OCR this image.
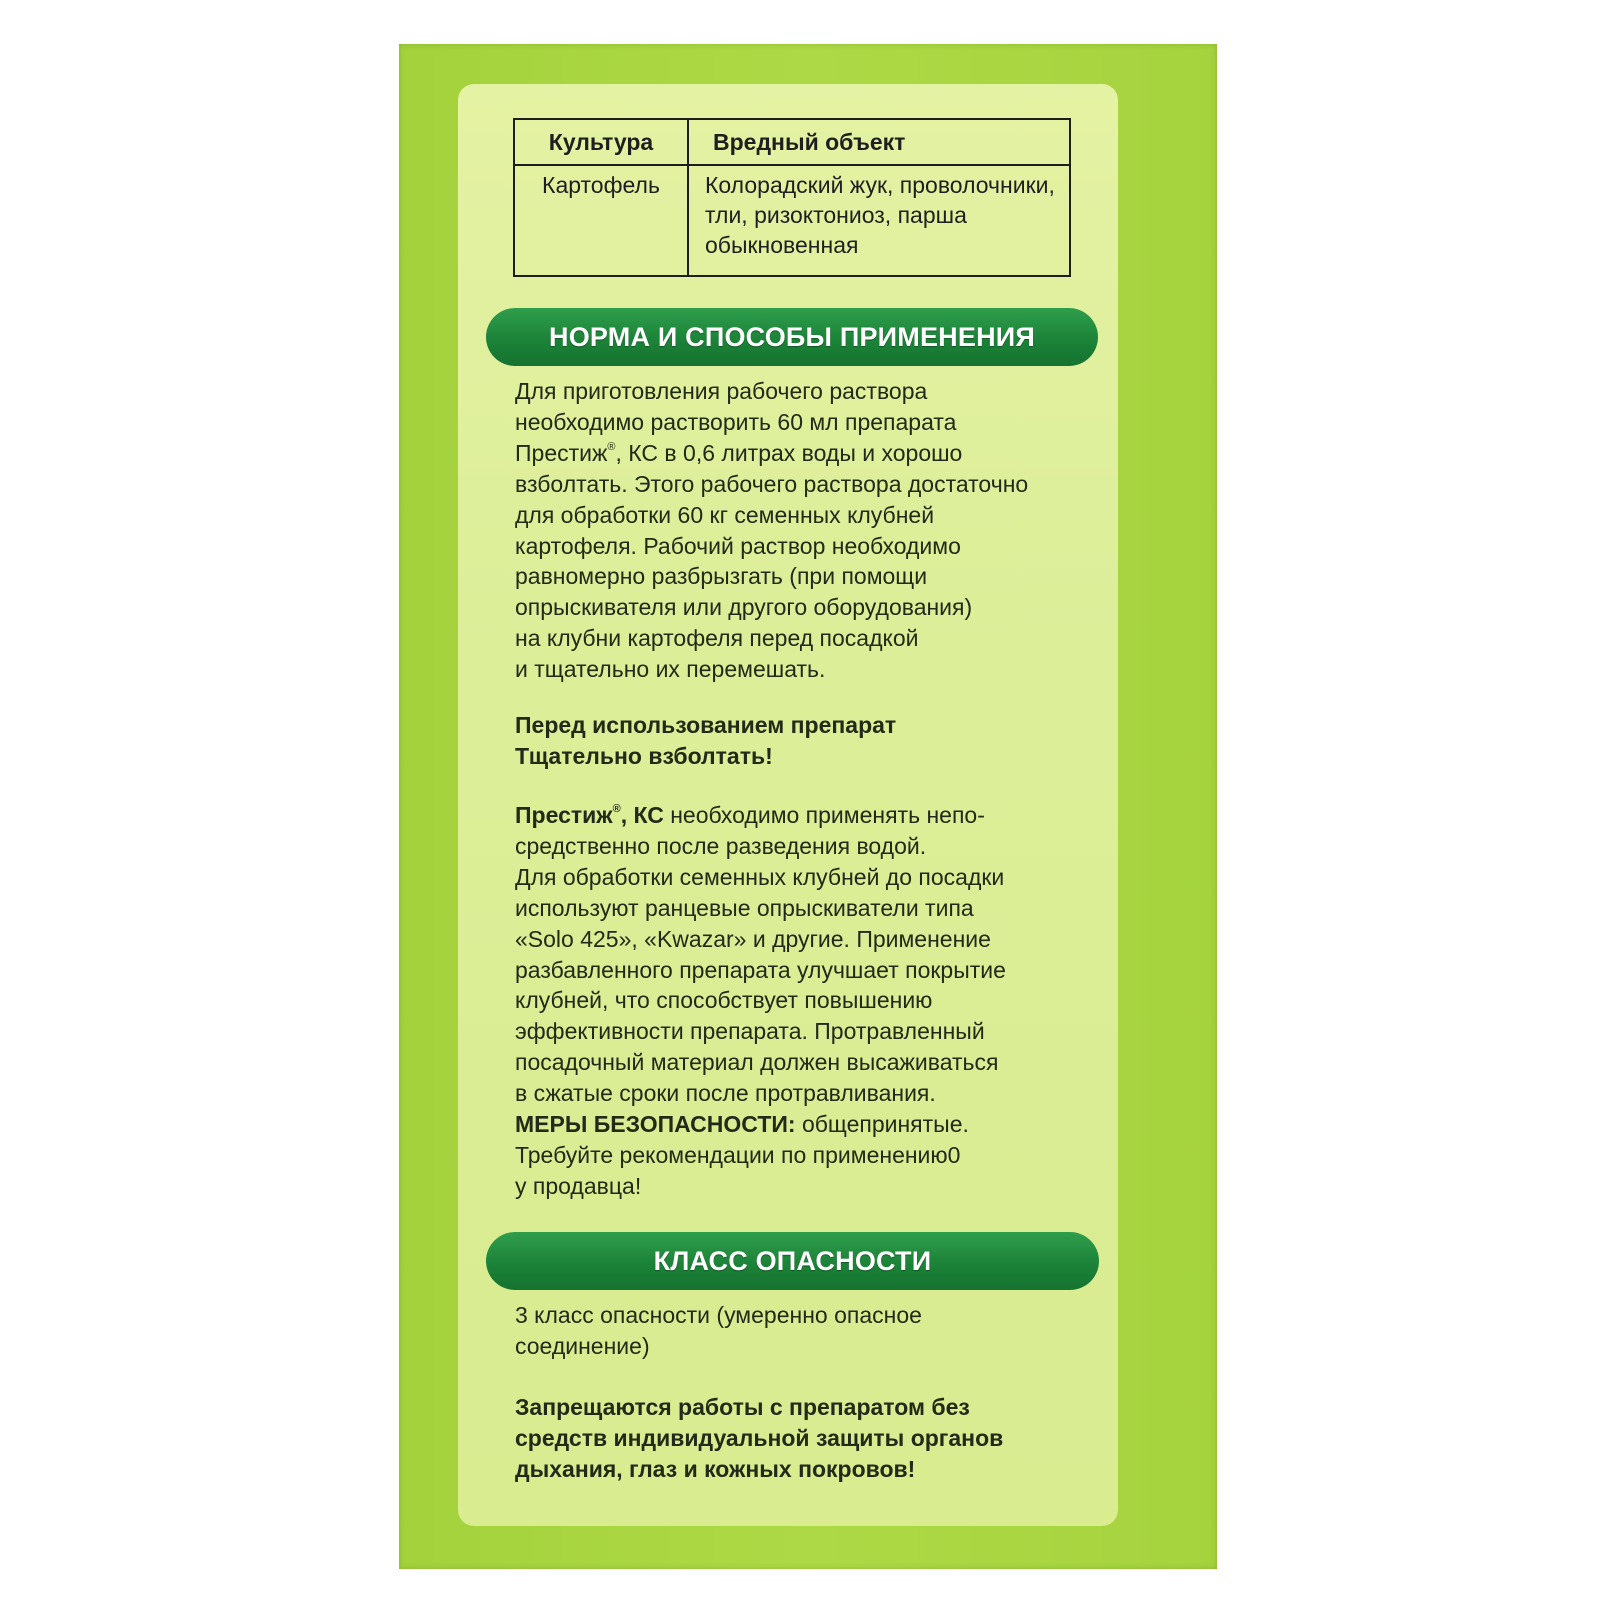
Культура	Вредный объект
Картофель	Колорадский жук, проволочники,
тли, ризоктониоз, парша
обыкновенная
НОРМА И СПОСОБЫ ПРИМЕНЕНИЯ
Для приготовления рабочего раствора
необходимо растворить 60 мл препарата
Престиж®, КС в 0,6 литрах воды и хорошо
взболтать. Этого рабочего раствора достаточно
для обработки 60 кг семенных клубней
картофеля. Рабочий раствор необходимо
равномерно разбрызгать (при помощи
опрыскивателя или другого оборудования)
на клубни картофеля перед посадкой
и тщательно их перемешать.
Перед использованием препарат
Тщательно взболтать!
Престиж®, КС необходимо применять непо-
средственно после разведения водой.
Для обработки семенных клубней до посадки
используют ранцевые опрыскиватели типа
«Solo 425», «Kwazar» и другие. Применение
разбавленного препарата улучшает покрытие
клубней, что способствует повышению
эффективности препарата. Протравленный
посадочный материал должен высаживаться
в сжатые сроки после протравливания.
МЕРЫ БЕЗОПАСНОСТИ: общепринятые.
Требуйте рекомендации по применению0
у продавца!
КЛАСС ОПАСНОСТИ
3 класс опасности (умеренно опасное
соединение)
Запрещаются работы с препаратом без
средств индивидуальной защиты органов
дыхания, глаз и кожных покровов!
